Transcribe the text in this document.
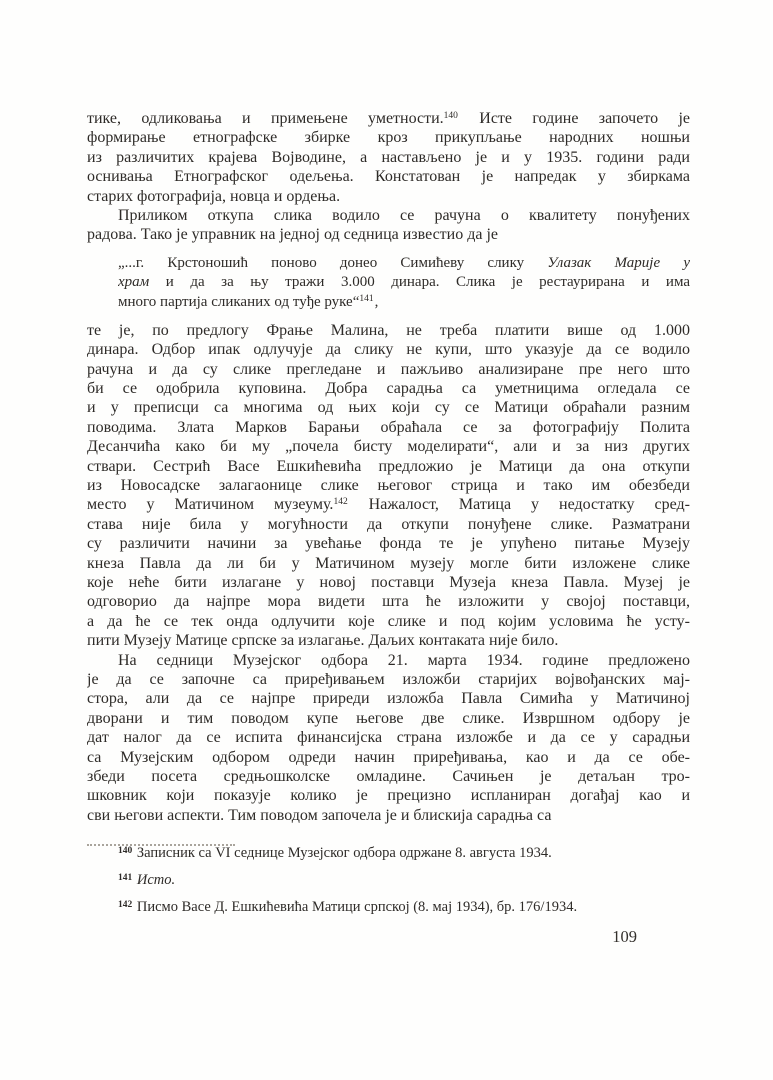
тике, одликовања и примењене уметности.$^{140}$ Исте године започето је
формирање етнографске збирке кроз прикупљање народних ношњи
из различитих крајева Војводине, а настављено је и у 1935. години ради
оснивања Етнографског одељења. Констатован је напредак у збиркама
старих фотографија, новца и ордења.
Приликом откупа слика водило се рачуна о квалитету понуђених
радова. Тако је управник на једној од седница известио да је
„...г. Крстоношић поново донео Симићеву слику Улазак Марије у
храм и да за њу тражи 3.000 динара. Слика је рестаурирана и има
много партија сликаних од туђе руке“$^{141}$,
те је, по предлогу Фрање Малина, не треба платити више од 1.000
динара. Одбор ипак одлучује да слику не купи, што указује да се водило
рачуна и да су слике прегледане и пажљиво анализиране пре него што
би се одобрила куповина. Добра сарадња са уметницима огледала се
и у преписци са многима од њих који су се Матици обраћали разним
поводима. Злата Марков Барањи обраћала се за фотографију Полита
Десанчића како би му „почела бисту моделирати“, али и за низ других
ствари. Сестрић Васе Ешкићевића предложио је Матици да она откупи
из Новосадске залагаонице слике његовог стрица и тако им обезбеди
место у Матичином музеуму.$^{142}$ Нажалост, Матица у недостатку сред-
става није била у могућности да откупи понуђене слике. Разматрани
су различити начини за увећање фонда те је упућено питање Музеју
кнеза Павла да ли би у Матичином музеју могле бити изложене слике
које неће бити излагане у новој поставци Музеја кнеза Павла. Музеј је
одговорио да најпре мора видети шта ће изложити у својој поставци,
а да ће се тек онда одлучити које слике и под којим условима ће усту-
пити Музеју Матице српске за излагање. Даљих контаката није било.
На седници Музејског одбора 21. марта 1934. године предложено
је да се започне са приређивањем изложби старијих војвођанских мај-
стора, али да се најпре приреди изложба Павла Симића у Матичиној
дворани и тим поводом купе његове две слике. Извршном одбору је
дат налог да се испита финансијска страна изложбе и да се у сарадњи
са Музејским одбором одреди начин приређивања, као и да се обе-
збеди посета средњошколске омладине. Сачињен је детаљан тро-
шковник који показује колико је прецизно испланиран догађај као и
сви његови аспекти. Тим поводом започела је и блискија сарадња са
$^{140}$ Записник са VI седнице Музејског одбора одржане 8. августа 1934.
$^{141}$ Исто.
$^{142}$ Писмо Васе Д. Ешкићевића Матици српској (8. мај 1934), бр. 176/1934.
109
